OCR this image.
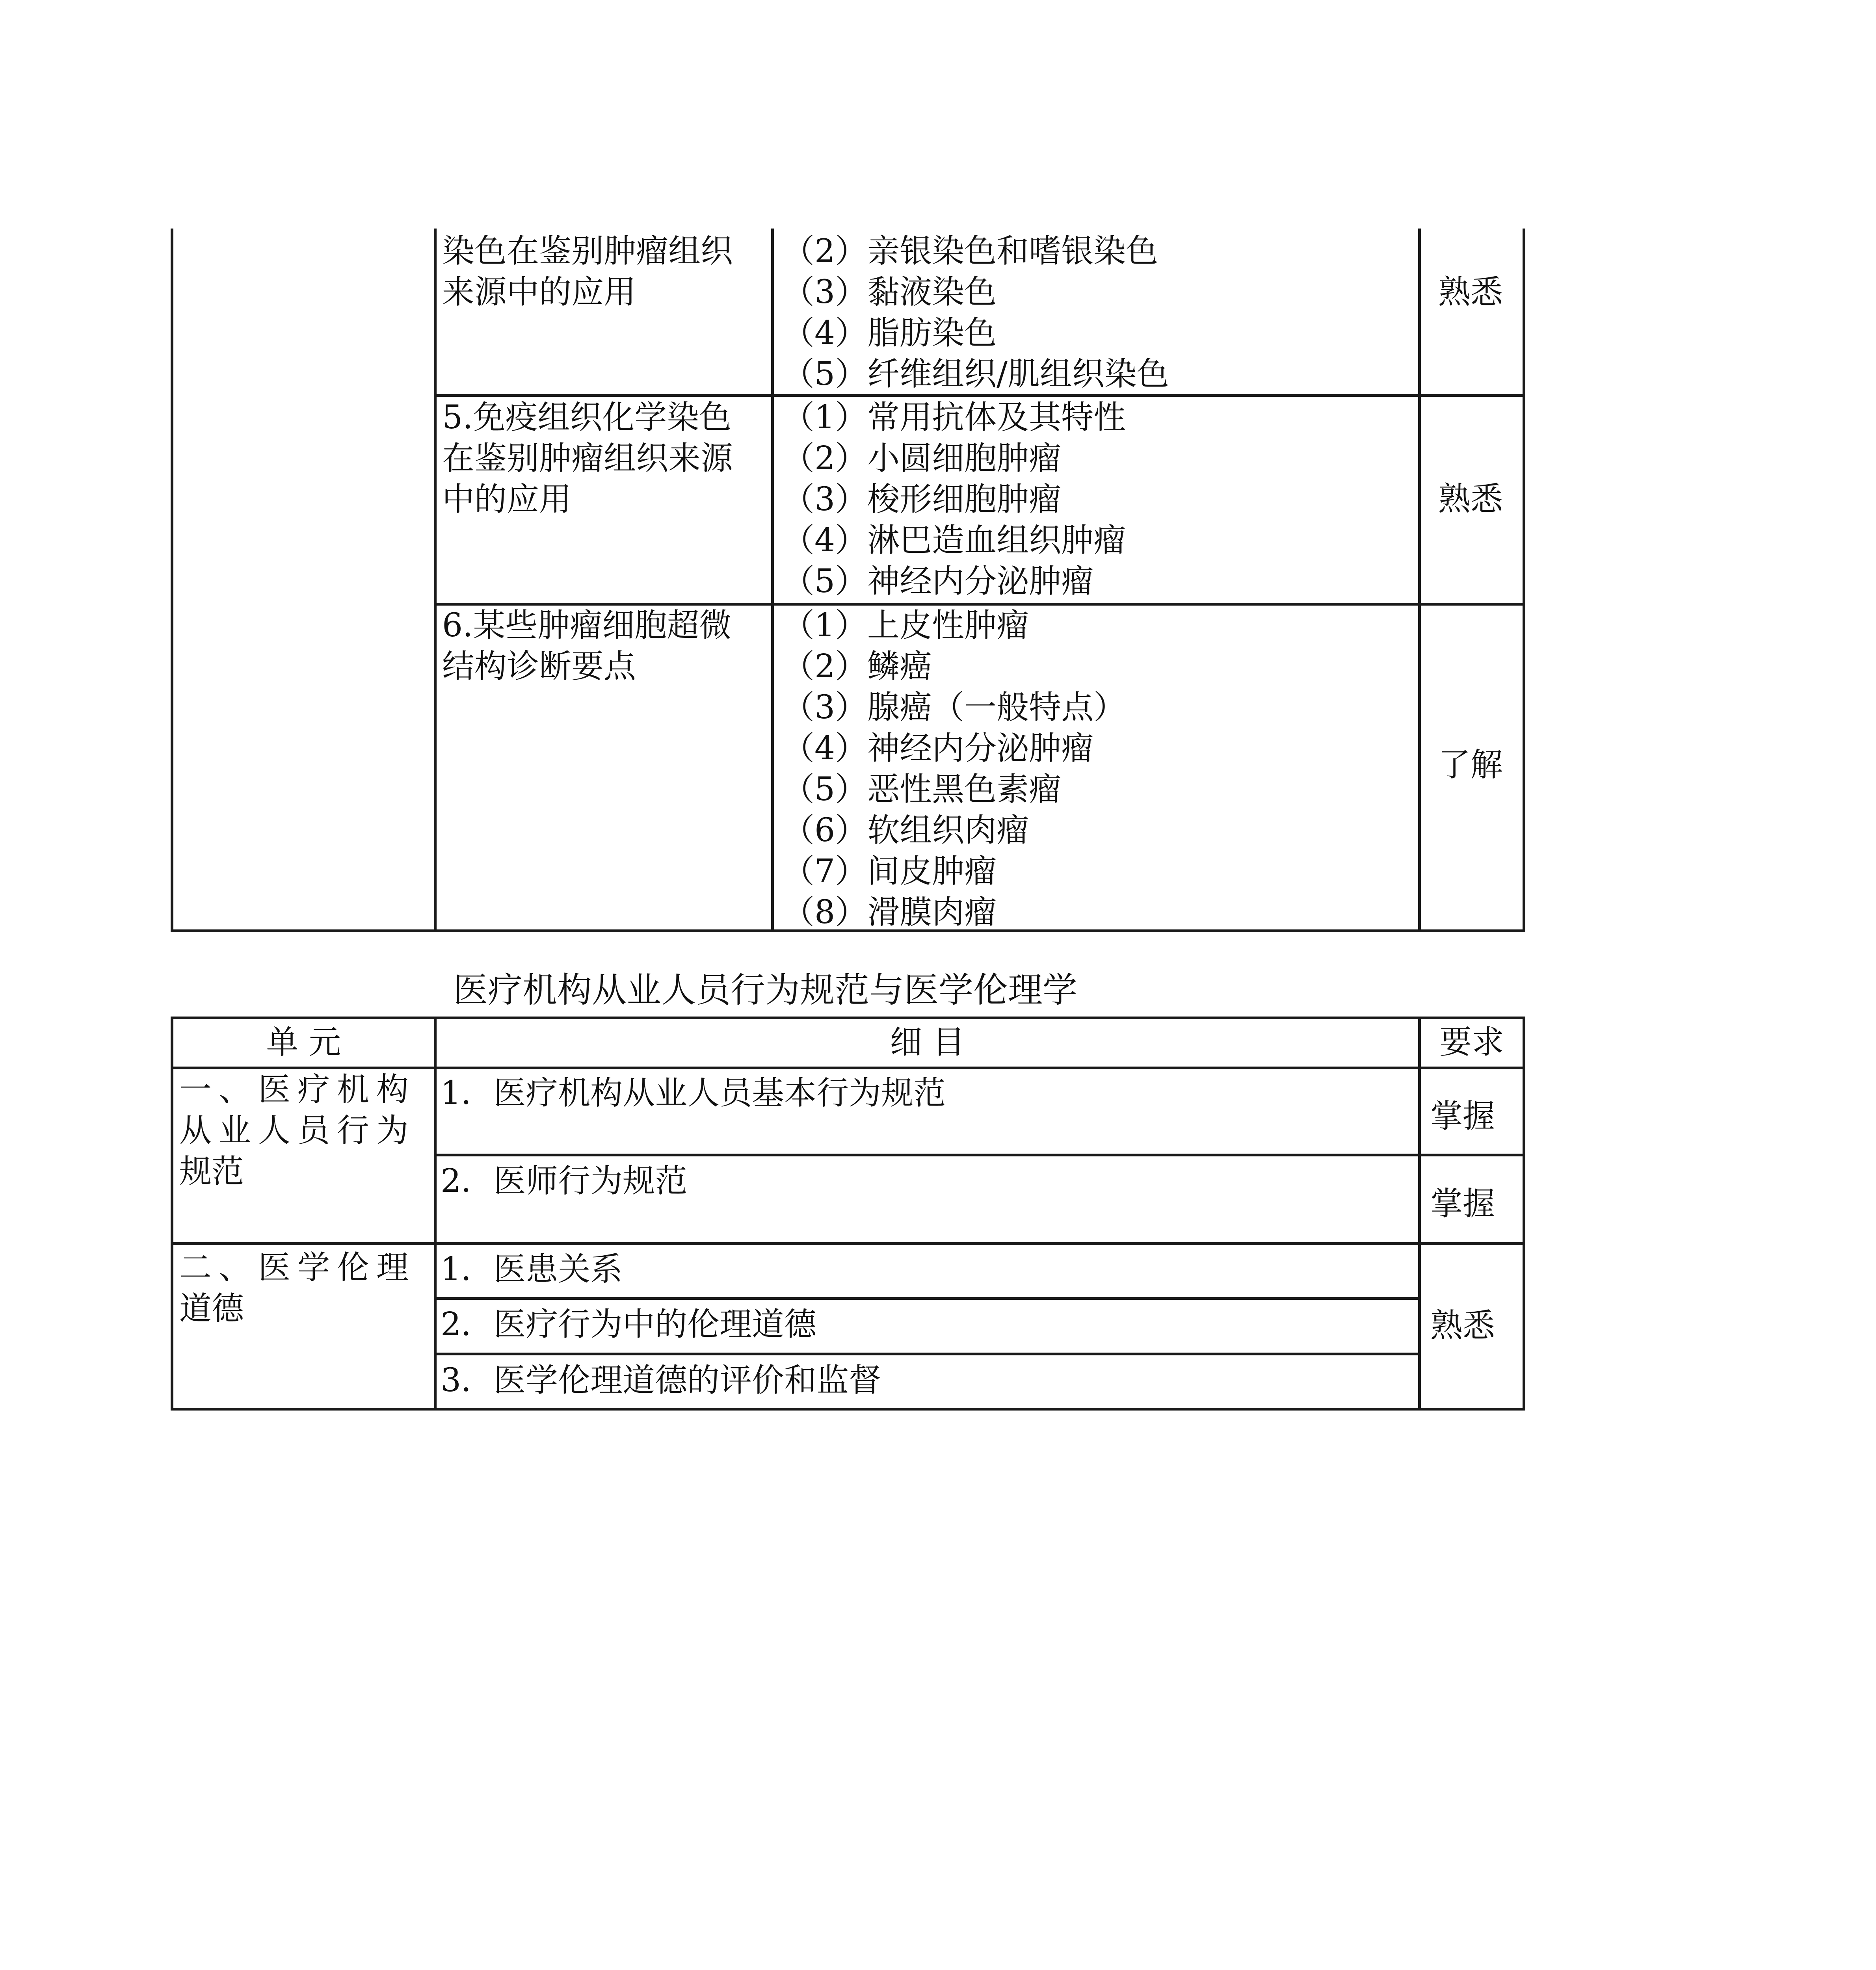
染色在鉴别肿瘤组织
来源中的应用
（2）亲银染色和嗜银染色
（3）黏液染色
（4）脂肪染色
（5）纤维组织/肌组织染色
熟悉
5.免疫组织化学染色
在鉴别肿瘤组织来源
中的应用
（1）常用抗体及其特性
（2）小圆细胞肿瘤
（3）梭形细胞肿瘤
（4）淋巴造血组织肿瘤
（5）神经内分泌肿瘤
熟悉
6.某些肿瘤细胞超微
结构诊断要点
（1）上皮性肿瘤
（2）鳞癌
（3）腺癌（一般特点）
（4）神经内分泌肿瘤
（5）恶性黑色素瘤
（6）软组织肉瘤
（7）间皮肿瘤
（8）滑膜肉瘤
了解
医疗机构从业人员行为规范与医学伦理学
单 元	细 目	要求
一、医疗机构
从业人员行为
规范
1．医疗机构从业人员基本行为规范
掌握
2．医师行为规范
掌握
二、医学伦理
道德
1．医患关系
2．医疗行为中的伦理道德
3．医学伦理道德的评价和监督
熟悉
